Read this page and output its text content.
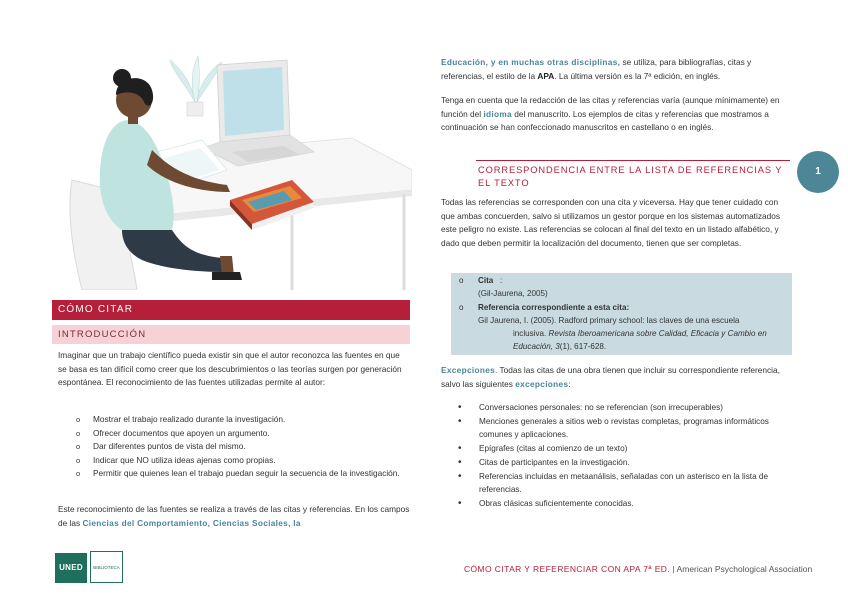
CÓMO CITAR
INTRODUCCIÓN

Imaginar que un trabajo científico pueda existir sin que el autor reconozca las fuentes en que se basa es tan difícil como creer que los descubrimientos o las teorías surgen por generación espontánea. El reconocimiento de las fuentes utilizadas permite al autor:

o Mostrar el trabajo realizado durante la investigación.
o Ofrecer documentos que apoyen un argumento.
o Dar diferentes puntos de vista del mismo.
o Indicar que NO utiliza ideas ajenas como propias.
o Permitir que quienes lean el trabajo puedan seguir la secuencia de la investigación.

Este reconocimiento de las fuentes se realiza a través de las citas y referencias. En los campos de las Ciencias del Comportamiento, Ciencias Sociales, la

Educación, y en muchas otras disciplinas, se utiliza, para bibliografías, citas y referencias, el estilo de la APA. La última versión es la 7ª edición, en inglés.

Tenga en cuenta que la redacción de las citas y referencias varía (aunque mínimamente) en función del idioma del manuscrito. Los ejemplos de citas y referencias que mostramos a continuación se han confeccionado manuscritos en castellano o en inglés.

CORRESPONDENCIA ENTRE LA LISTA DE REFERENCIAS Y EL TEXTO
1

Todas las referencias se corresponden con una cita y viceversa. Hay que tener cuidado con que ambas concuerden, salvo si utilizamos un gestor porque en los sistemas automatizados este peligro no existe. Las referencias se colocan al final del texto en un listado alfabético, y dado que deben permitir la localización del documento, tienen que ser completas.

o Cita :
(Gil-Jaurena, 2005)
o Referencia correspondiente a esta cita:
Gil Jaurena, I. (2005). Radford primary school: las claves de una escuela
inclusiva. Revista Iberoamericana sobre Calidad, Eficacia y Cambio en
Educación, 3(1), 617-628.

Excepciones. Todas las citas de una obra tienen que incluir su correspondiente referencia, salvo las siguientes excepciones:

• Conversaciones personales: no se referencian (son irrecuperables)
• Menciones generales a sitios web o revistas completas, programas informáticos comunes y aplicaciones.
• Epígrafes (citas al comienzo de un texto)
• Citas de participantes en la investigación.
• Referencias incluidas en metaanálisis, señaladas con un asterisco en la lista de referencias.
• Obras clásicas suficientemente conocidas.
UNED	BIBLIOTECA	CÓMO CITAR Y REFERENCIAR CON APA 7ª ED. | American Psychological Association
